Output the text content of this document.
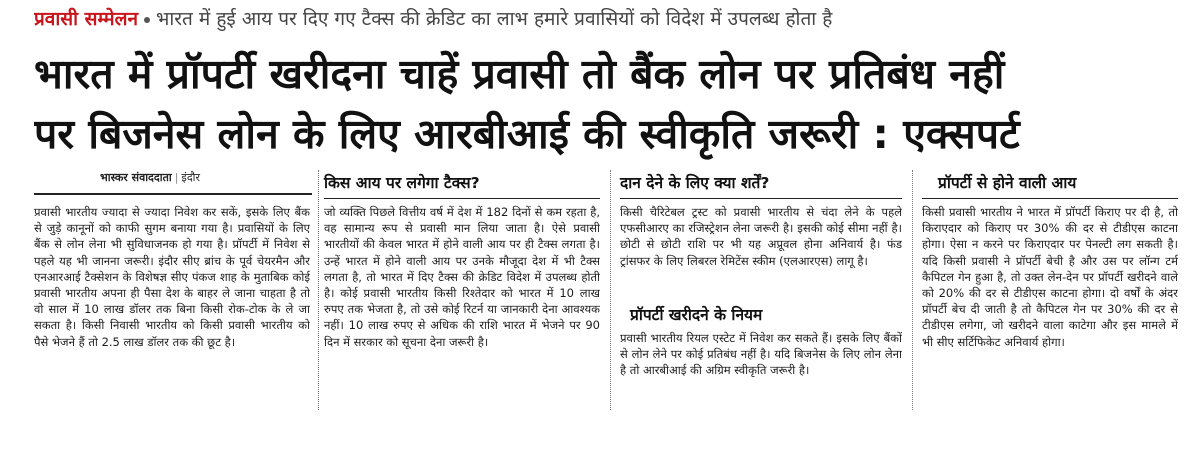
प्रवासी सम्मेलन भारत में हुई आय पर दिए गए टैक्स की क्रेडिट का लाभ हमारे प्रवासियों को विदेश में उपलब्ध होता है
भारत में प्रॉपर्टी खरीदना चाहें प्रवासी तो बैंक लोन पर प्रतिबंध नहीं
पर बिजनेस लोन के लिए आरबीआई की स्वीकृति जरूरी : एक्सपर्ट
भास्कर संवाददाता | इंदौर

प्रवासी भारतीय ज्यादा से ज्यादा निवेश कर सकें, इसके लिए बैंक से जुड़े कानूनों को काफी सुगम बनाया गया है। प्रवासियों के लिए बैंक से लोन लेना भी सुविधाजनक हो गया है। प्रॉपर्टी में निवेश से पहले यह भी जानना जरूरी। इंदौर सीए ब्रांच के पूर्व चेयरमैन और एनआरआई टैक्सेशन के विशेषज्ञ सीए पंकज शाह के मुताबिक कोई प्रवासी भारतीय अपना ही पैसा देश के बाहर ले जाना चाहता है तो वो साल में 10 लाख डॉलर तक बिना किसी रोक-टोक के ले जा सकता है। किसी निवासी भारतीय को किसी प्रवासी भारतीय को पैसे भेजने हैं तो 2.5 लाख डॉलर तक की छूट है।

किस आय पर लगेगा टैक्स?

जो व्यक्ति पिछले वित्तीय वर्ष में देश में 182 दिनों से कम रहता है, वह सामान्य रूप से प्रवासी मान लिया जाता है। ऐसे प्रवासी भारतीयों की केवल भारत में होने वाली आय पर ही टैक्स लगता है। उन्हें भारत में होने वाली आय पर उनके मौजूदा देश में भी टैक्स लगता है, तो भारत में दिए टैक्स की क्रेडिट विदेश में उपलब्ध होती है। कोई प्रवासी भारतीय किसी रिश्तेदार को भारत में 10 लाख रुपए तक भेजता है, तो उसे कोई रिटर्न या जानकारी देना आवश्यक नहीं। 10 लाख रुपए से अधिक की राशि भारत में भेजने पर 90 दिन में सरकार को सूचना देना जरूरी है।

दान देने के लिए क्या शर्तें?

किसी चैरिटेबल ट्रस्ट को प्रवासी भारतीय से चंदा लेने के पहले एफसीआरए का रजिस्ट्रेशन लेना जरूरी है। इसकी कोई सीमा नहीं है। छोटी से छोटी राशि पर भी यह अप्रूवल होना अनिवार्य है। फंड ट्रांसफर के लिए लिबरल रेमिटेंस स्कीम (एलआरएस) लागू है।

प्रॉपर्टी खरीदने के नियम

प्रवासी भारतीय रियल एस्टेट में निवेश कर सकते हैं। इसके लिए बैंकों से लोन लेने पर कोई प्रतिबंध नहीं है। यदि बिजनेस के लिए लोन लेना है तो आरबीआई की अग्रिम स्वीकृति जरूरी है।

प्रॉपर्टी से होने वाली आय

किसी प्रवासी भारतीय ने भारत में प्रॉपर्टी किराए पर दी है, तो किराएदार को किराए पर 30% की दर से टीडीएस काटना होगा। ऐसा न करने पर किराएदार पर पेनल्टी लग सकती है। यदि किसी प्रवासी ने प्रॉपर्टी बेची है और उस पर लॉन्ग टर्म कैपिटल गेन हुआ है, तो उक्त लेन-देन पर प्रॉपर्टी खरीदने वाले को 20% की दर से टीडीएस काटना होगा। दो वर्षों के अंदर प्रॉपर्टी बेच दी जाती है तो कैपिटल गेन पर 30% की दर से टीडीएस लगेगा, जो खरीदने वाला काटेगा और इस मामले में भी सीए सर्टिफिकेट अनिवार्य होगा।
